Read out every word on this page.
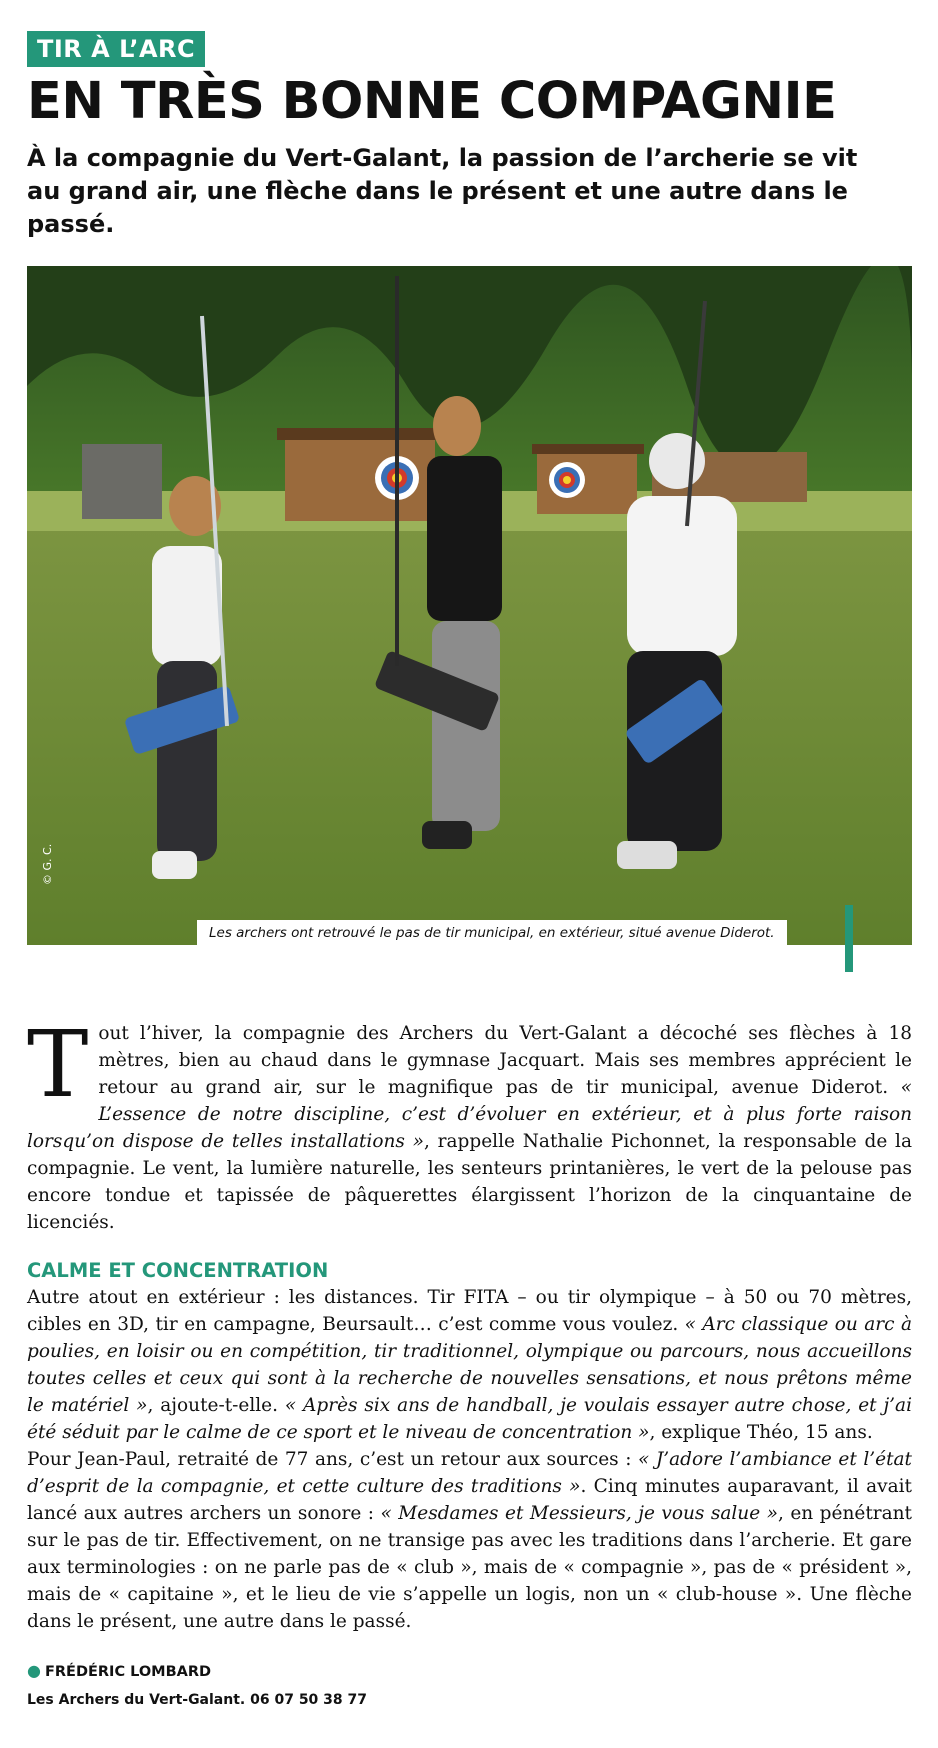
TIR À L’ARC
EN TRÈS BONNE COMPAGNIE

À la compagnie du Vert-Galant, la passion de l’archerie se vit au grand air, une flèche dans le présent et une autre dans le passé.

© G. C.
Les archers ont retrouvé le pas de tir municipal, en extérieur, situé avenue Diderot.
T out l’hiver, la compagnie des Archers du Vert-Galant a décoché ses flèches à 18 mètres, bien au chaud dans le gymnase Jacquart. Mais ses membres apprécient le retour au grand air, sur le magnifique pas de tir municipal, avenue Diderot. « L’essence de notre discipline, c’est d’évoluer en extérieur, et à plus forte raison lorsqu’on dispose de telles installations », rappelle Nathalie Pichonnet, la responsable de la compagnie. Le vent, la lumière naturelle, les senteurs printanières, le vert de la pelouse pas encore tondue et tapissée de pâquerettes élargissent l’horizon de la cinquantaine de licenciés.

CALME ET CONCENTRATION

Autre atout en extérieur : les distances. Tir FITA – ou tir olympique – à 50 ou 70 mètres, cibles en 3D, tir en campagne, Beursault… c’est comme vous voulez. « Arc classique ou arc à poulies, en loisir ou en compétition, tir traditionnel, olympique ou parcours, nous accueillons toutes celles et ceux qui sont à la recherche de nouvelles sensations, et nous prêtons même le matériel », ajoute-t-elle. « Après six ans de handball, je voulais essayer autre chose, et j’ai été séduit par le calme de ce sport et le niveau de concentration », explique Théo, 15 ans.

Pour Jean-Paul, retraité de 77 ans, c’est un retour aux sources : « J’adore l’ambiance et l’état d’esprit de la compagnie, et cette culture des traditions ». Cinq minutes auparavant, il avait lancé aux autres archers un sonore : « Mesdames et Messieurs, je vous salue », en pénétrant sur le pas de tir. Effectivement, on ne transige pas avec les traditions dans l’archerie. Et gare aux terminologies : on ne parle pas de « club », mais de « compagnie », pas de « président », mais de « capitaine », et le lieu de vie s’appelle un logis, non un « club-house ». Une flèche dans le présent, une autre dans le passé.

● FRÉDÉRIC LOMBARD
Les Archers du Vert-Galant. 06 07 50 38 77
